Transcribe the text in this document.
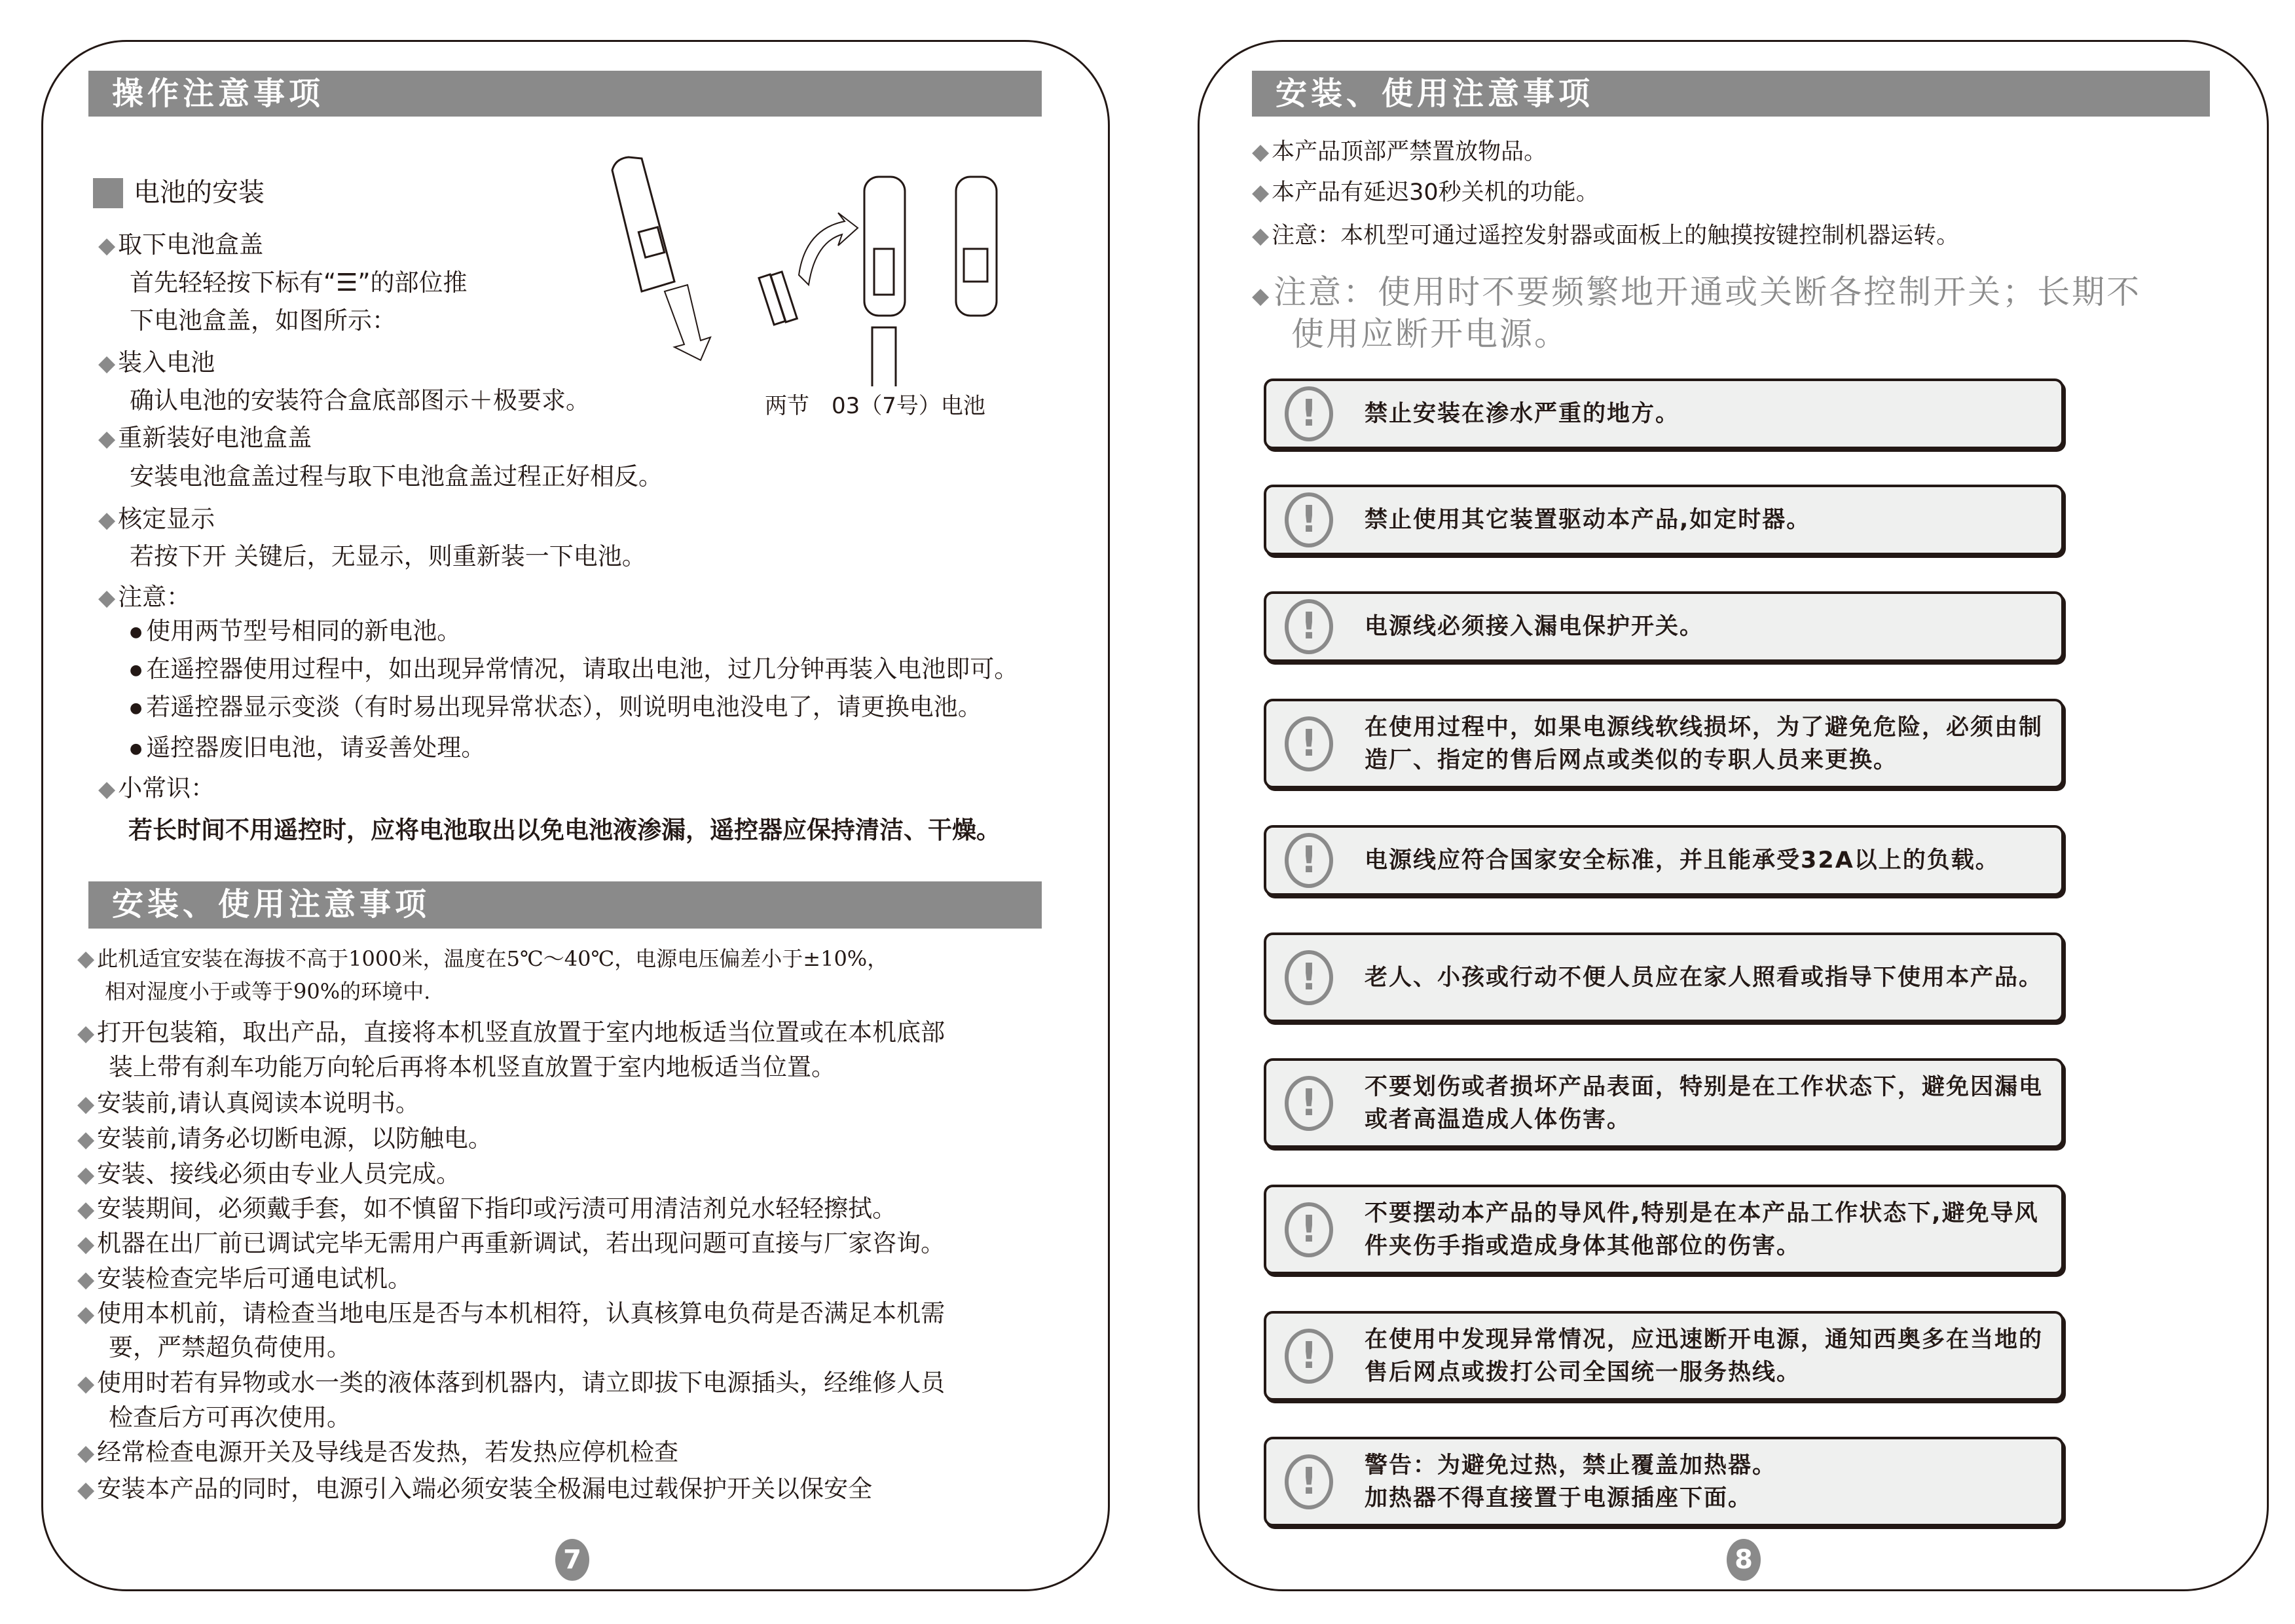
操作注意事项
电池的安装
◆ 取下电池盒盖
首先轻轻按下标有“☰”的部位推
下电池盒盖，如图所示：
◆ 装入电池
确认电池的安装符合盒底部图示＋极要求。
◆ 重新装好电池盒盖
安装电池盒盖过程与取下电池盒盖过程正好相反。
◆ 核定显示
若按下开 关键后，无显示，则重新装一下电池。
◆ 注意：
● 使用两节型号相同的新电池。
● 在遥控器使用过程中，如出现异常情况，请取出电池，过几分钟再装入电池即可。
● 若遥控器显示变淡（有时易出现异常状态），则说明电池没电了，请更换电池。
● 遥控器废旧电池，请妥善处理。
◆ 小常识：
若长时间不用遥控时，应将电池取出以免电池液渗漏，遥控器应保持清洁、干燥。
两节　03（7号）电池
安装、使用注意事项
◆ 此机适宜安装在海拔不高于1000米，温度在5℃～40℃，电源电压偏差小于±10%，
相对湿度小于或等于90%的环境中.
◆ 打开包装箱，取出产品，直接将本机竖直放置于室内地板适当位置或在本机底部
装上带有刹车功能万向轮后再将本机竖直放置于室内地板适当位置。
◆ 安装前,请认真阅读本说明书。
◆ 安装前,请务必切断电源，以防触电。
◆ 安装、接线必须由专业人员完成。
◆ 安装期间，必须戴手套，如不慎留下指印或污渍可用清洁剂兑水轻轻擦拭。
◆ 机器在出厂前已调试完毕无需用户再重新调试，若出现问题可直接与厂家咨询。
◆ 安装检查完毕后可通电试机。
◆ 使用本机前，请检查当地电压是否与本机相符，认真核算电负荷是否满足本机需
要，严禁超负荷使用。
◆ 使用时若有异物或水一类的液体落到机器内，请立即拔下电源插头，经维修人员
检查后方可再次使用。
◆ 经常检查电源开关及导线是否发热，若发热应停机检查
◆ 安装本产品的同时，电源引入端必须安装全极漏电过载保护开关以保安全
7
安装、使用注意事项
◆ 本产品顶部严禁置放物品。
◆ 本产品有延迟30秒关机的功能。
◆ 注意：本机型可通过遥控发射器或面板上的触摸按键控制机器运转。
◆注意：使用时不要频繁地开通或关断各控制开关；长期不
使用应断开电源。
!	禁止安装在渗水严重的地方。
!	禁止使用其它装置驱动本产品,如定时器。
!	电源线必须接入漏电保护开关。
!	在使用过程中，如果电源线软线损坏，为了避免危险，必须由制造厂、指定的售后网点或类似的专职人员来更换。
!	电源线应符合国家安全标准，并且能承受32A以上的负载。
!	老人、小孩或行动不便人员应在家人照看或指导下使用本产品。
!	不要划伤或者损坏产品表面，特别是在工作状态下，避免因漏电或者高温造成人体伤害。
!	不要摆动本产品的导风件,特别是在本产品工作状态下,避免导风件夹伤手指或造成身体其他部位的伤害。
!	在使用中发现异常情况，应迅速断开电源，通知西奥多在当地的售后网点或拨打公司全国统一服务热线。
!	警告：为避免过热，禁止覆盖加热器。
加热器不得直接置于电源插座下面。
8
